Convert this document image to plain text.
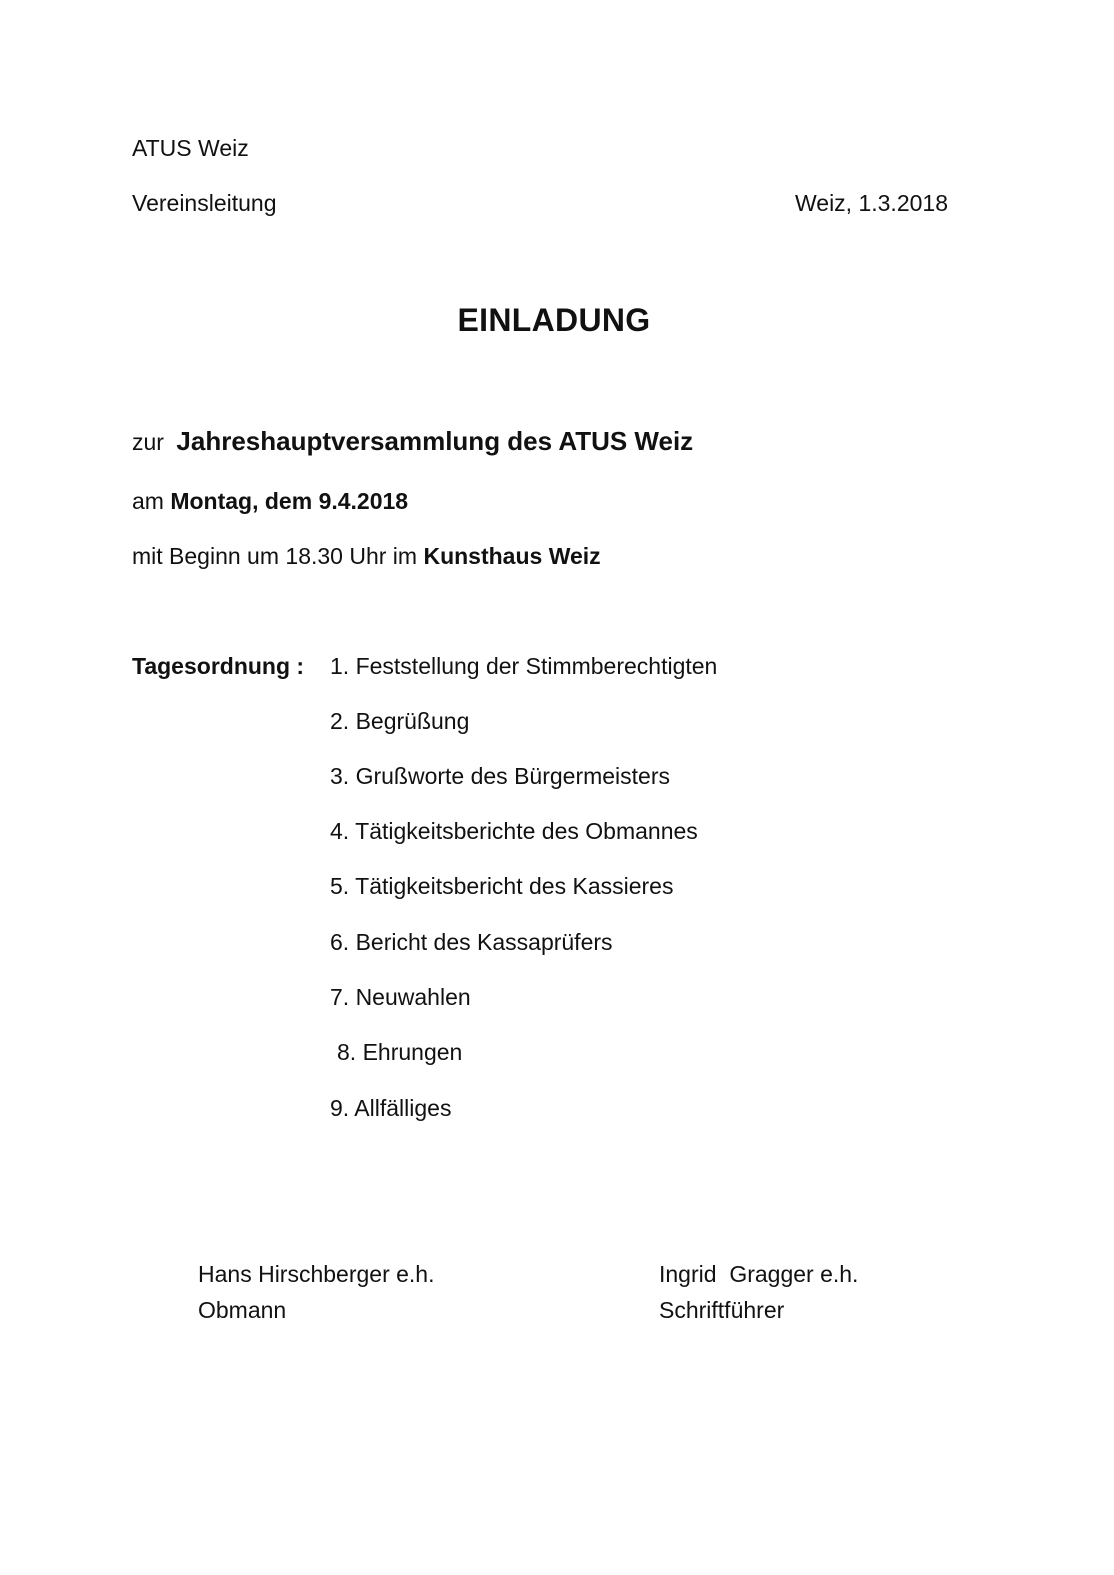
ATUS Weiz
Vereinsleitung	Weiz, 1.3.2018
EINLADUNG
zur Jahreshauptversammlung des ATUS Weiz
am Montag, dem 9.4.2018
mit Beginn um 18.30 Uhr im Kunsthaus Weiz
Tagesordnung : 1. Feststellung der Stimmberechtigten
2. Begrüßung
3. Grußworte des Bürgermeisters
4. Tätigkeitsberichte des Obmannes
5. Tätigkeitsbericht des Kassieres
6. Bericht des Kassaprüfers
7. Neuwahlen
8. Ehrungen
9. Allfälliges
Hans Hirschberger e.h.
Obmann
Ingrid  Gragger e.h.
Schriftführer
